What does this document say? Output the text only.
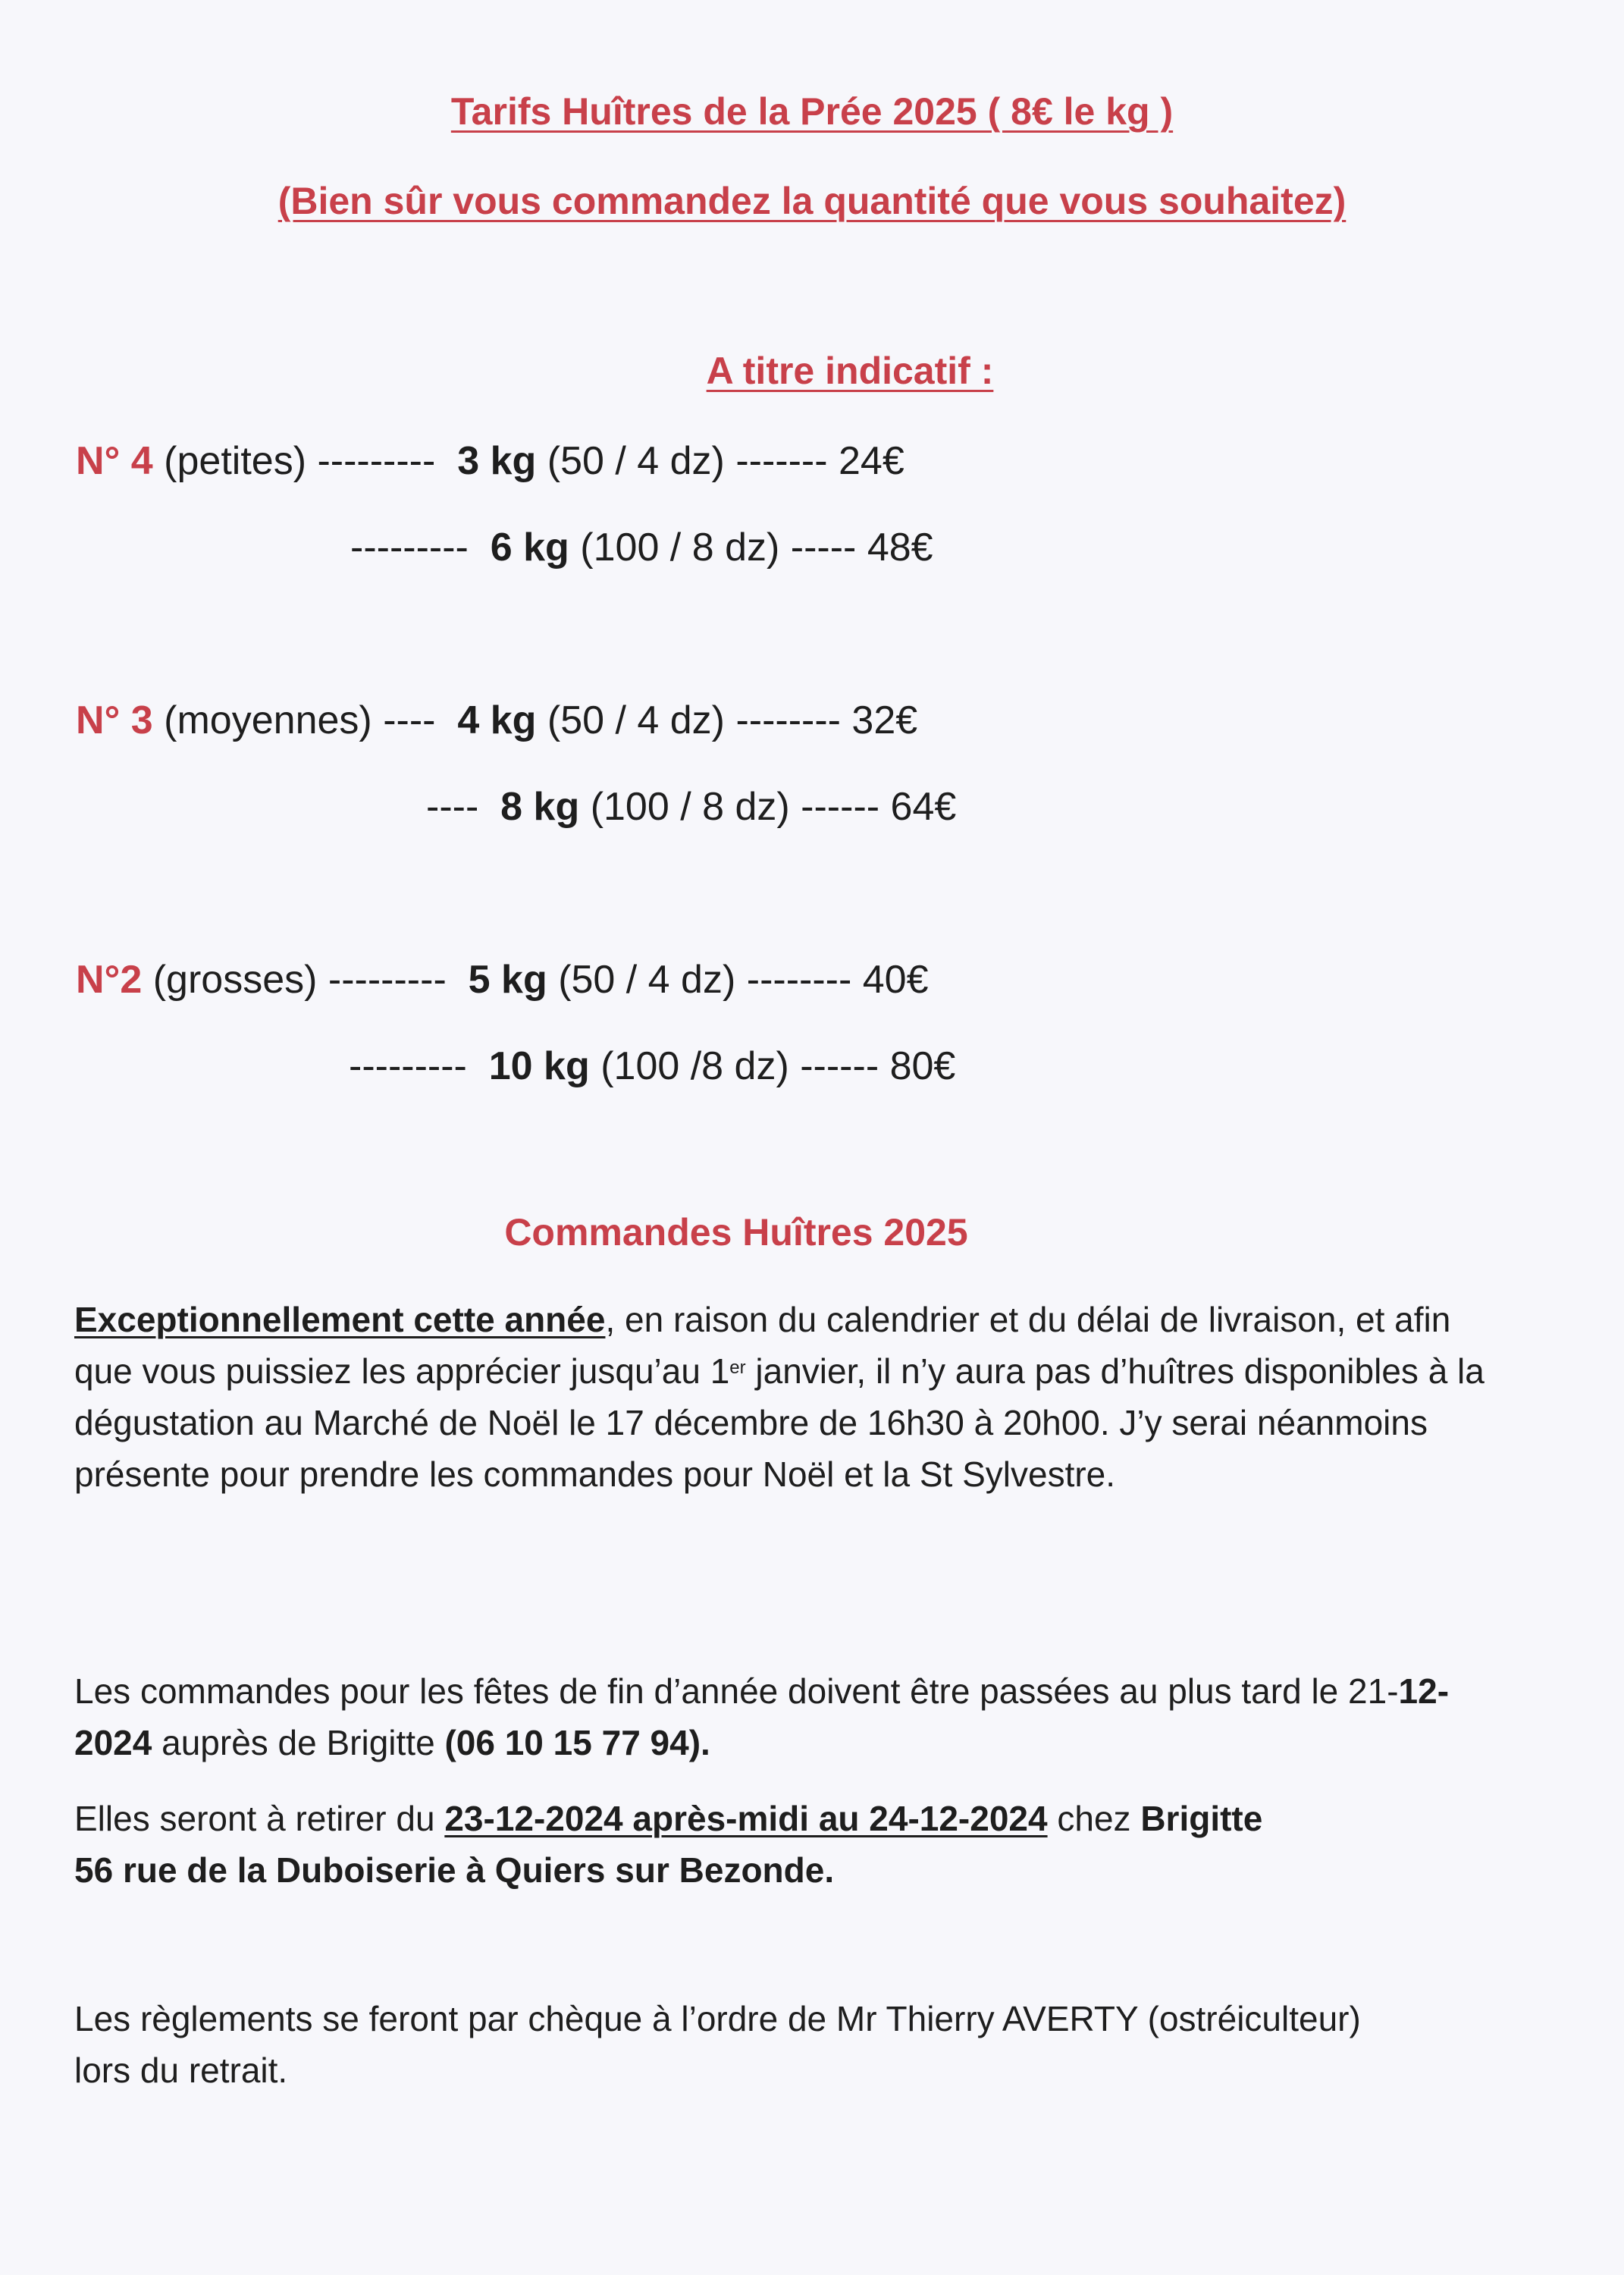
Tarifs Huîtres de la Prée 2025 ( 8€ le kg )
(Bien sûr vous commandez la quantité que vous souhaitez)
A titre indicatif :
N° 4 (petites) --------- 3 kg (50 / 4 dz) ------- 24€
--------- 6 kg (100 / 8 dz) ----- 48€
N° 3 (moyennes) ---- 4 kg (50 / 4 dz) -------- 32€
---- 8 kg (100 / 8 dz) ------ 64€
N°2 (grosses) --------- 5 kg (50 / 4 dz) -------- 40€
--------- 10 kg (100 /8 dz) ------ 80€
Commandes Huîtres 2025

Exceptionnellement cette année, en raison du calendrier et du délai de livraison, et afin que vous puissiez les apprécier jusqu’au 1er janvier, il n’y aura pas d’huîtres disponibles à la dégustation au Marché de Noël le 17 décembre de 16h30 à 20h00. J’y serai néanmoins présente pour prendre les commandes pour Noël et la St Sylvestre.

Les commandes pour les fêtes de fin d’année doivent être passées au plus tard le 21-12-2024 auprès de Brigitte (06 10 15 77 94).

Elles seront à retirer du 23-12-2024 après-midi au 24-12-2024 chez Brigitte

56 rue de la Duboiserie à Quiers sur Bezonde.

Les règlements se feront par chèque à l’ordre de Mr Thierry AVERTY (ostréiculteur) lors du retrait.
